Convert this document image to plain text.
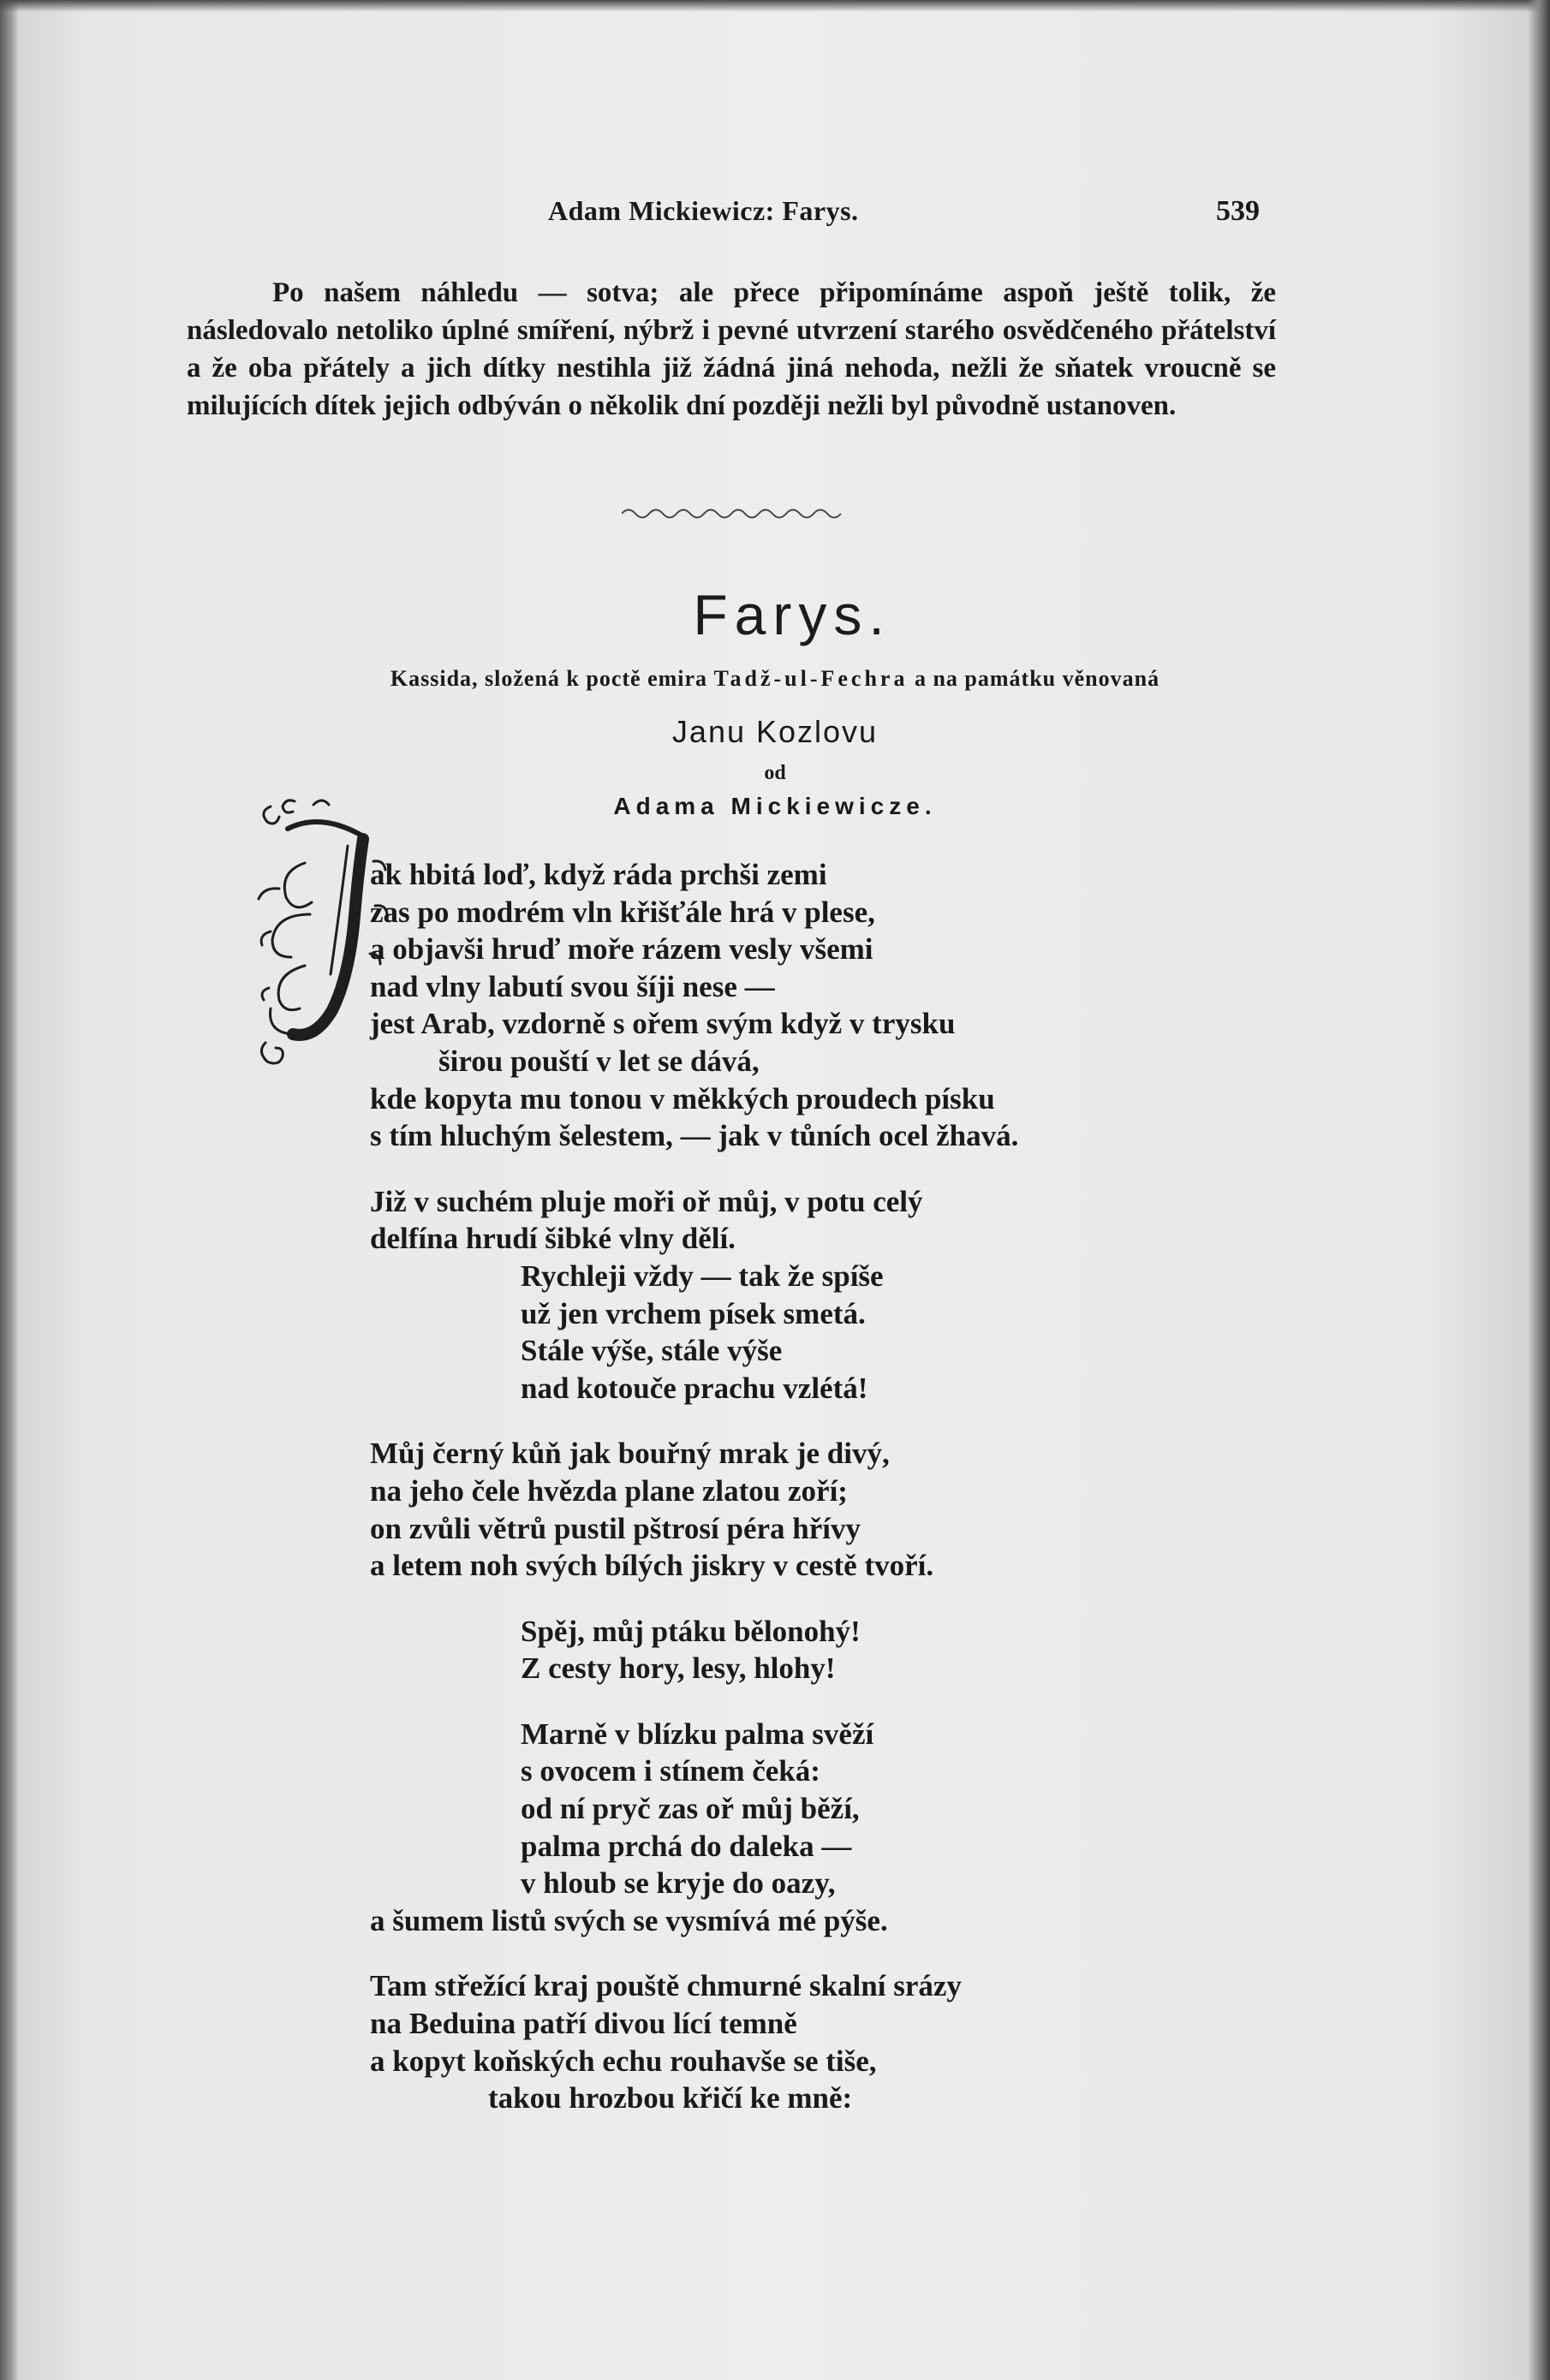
Adam Mickiewicz: Farys.	539

Po našem náhledu — sotva; ale přece připomínáme aspoň ještě tolik, že následovalo netoliko úplné smíření, nýbrž i pevné utvrzení starého osvědčeného přátelství a že oba přátely a jich dítky nestihla již žádná jiná nehoda, nežli že sňatek vroucně se milujících dítek jejich odbýván o několik dní později nežli byl původně ustanoven.

Farys.
Kassida, složená k poctě emira Tadž-ul-Fechra a na památku věnovaná
Janu Kozlovu
od
Adama Mickiewicze.
ak hbitá loď, když ráda prchši zemi
zas po modrém vln křišťále hrá v plese,
a objavši hruď moře rázem vesly všemi
nad vlny labutí svou šíji nese —
jest Arab, vzdorně s ořem svým když v trysku
širou pouští v let se dává,
kde kopyta mu tonou v měkkých proudech písku
s tím hluchým šelestem, — jak v tůních ocel žhavá.
Již v suchém pluje moři oř můj, v potu celý
delfína hrudí šibké vlny dělí.
Rychleji vždy — tak že spíše
už jen vrchem písek smetá.
Stále výše, stále výše
nad kotouče prachu vzlétá!
Můj černý kůň jak bouřný mrak je divý,
na jeho čele hvězda plane zlatou zoří;
on zvůli větrů pustil pštrosí péra hřívy
a letem noh svých bílých jiskry v cestě tvoří.
Spěj, můj ptáku bělonohý!
Z cesty hory, lesy, hlohy!
Marně v blízku palma svěží
s ovocem i stínem čeká:
od ní pryč zas oř můj běží,
palma prchá do daleka —
v hloub se kryje do oazy,
a šumem listů svých se vysmívá mé pýše.
Tam střežící kraj pouště chmurné skalní srázy
na Beduina patří divou lící temně
a kopyt koňských echu rouhavše se tiše,
takou hrozbou křičí ke mně:
